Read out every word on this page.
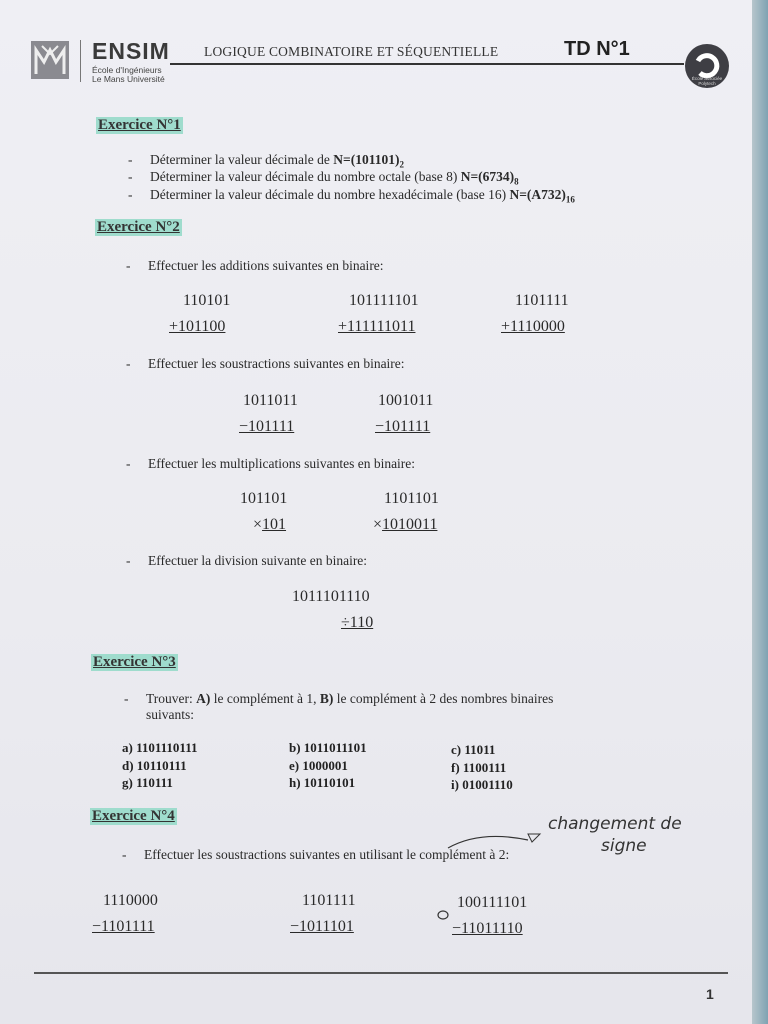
ENSIM
École d'Ingénieurs
Le Mans Université
LOGIQUE COMBINATOIRE ET SÉQUENTIELLE	TD N°1
École associée
Polytech
Exercice N°1
- Déterminer la valeur décimale de $N=(101101)_2$
- Déterminer la valeur décimale du nombre octale (base 8) $N=(6734)_8$
- Déterminer la valeur décimale du nombre hexadécimale (base 16) $N=(A732)_{16}$
Exercice N°2
- Effectuer les additions suivantes en binaire:
110101
+101100
101111101
+111111011
1101111
+1110000
- Effectuer les soustractions suivantes en binaire:
1011011
−101111
1001011
−101111
- Effectuer les multiplications suivantes en binaire:
101101
×101
1101101
×1010011
- Effectuer la division suivante en binaire:
1011101110
÷110
Exercice N°3
- Trouver: A) le complément à 1, B) le complément à 2 des nombres binaires
suivants:
a) 1101110111	b) 1011011101	c) 11011
d) 10110111	e) 1000001	f) 1100111
g) 110111	h) 10110101	i) 01001110
Exercice N°4
- Effectuer les soustractions suivantes en utilisant le complément à 2:
changement de
signe
1110000
−1101111
1101111
−1011101
100111101
−11011110
1
